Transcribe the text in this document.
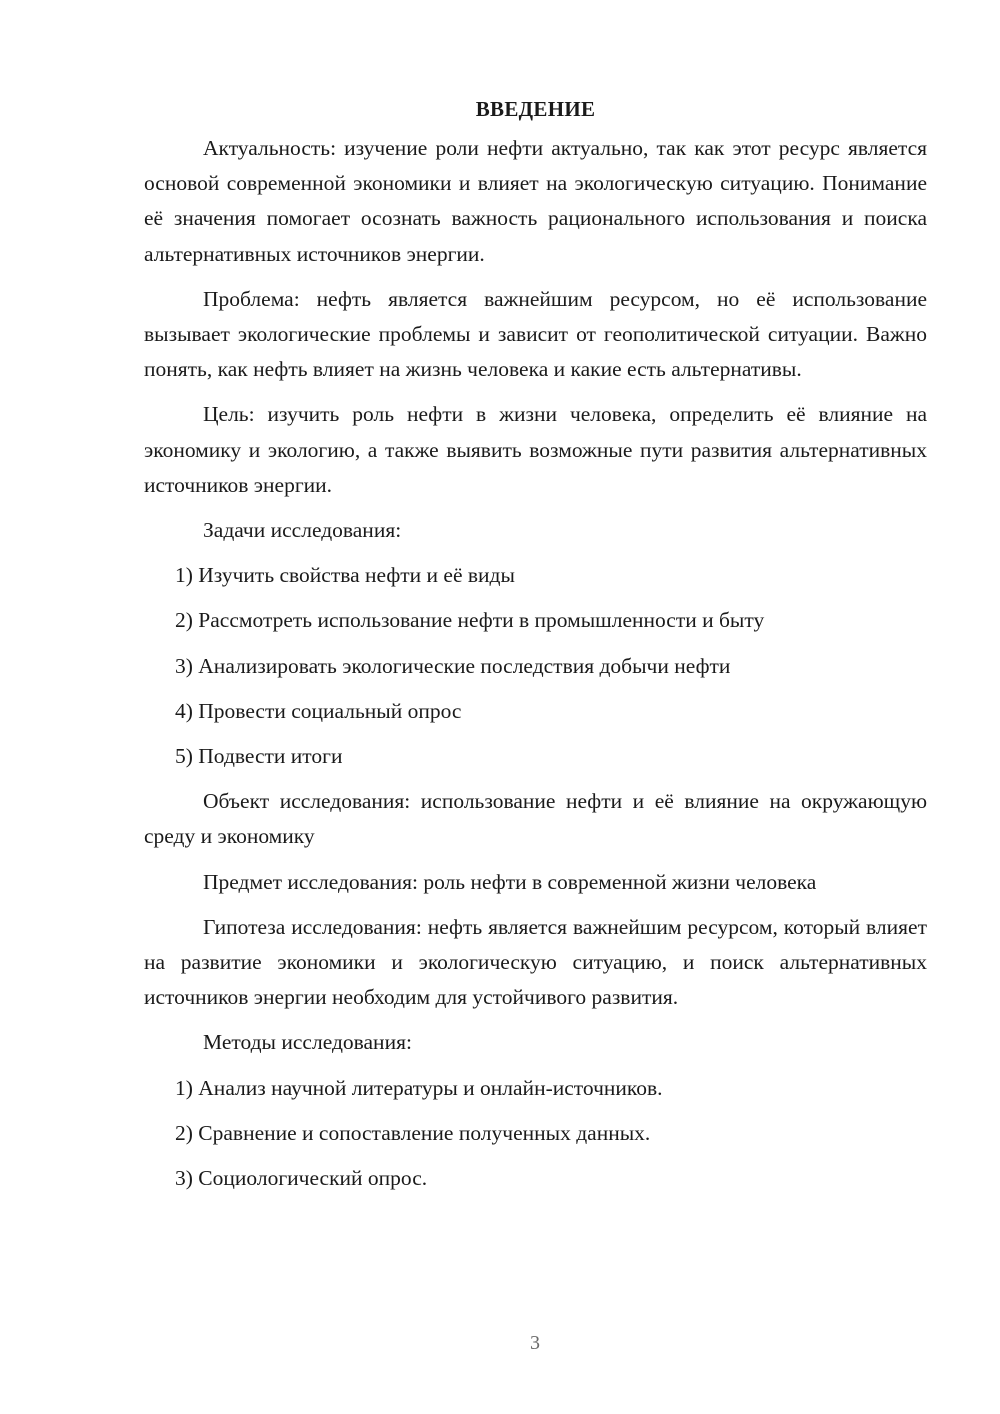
ВВЕДЕНИЕ

Актуальность: изучение роли нефти актуально, так как этот ресурс является основой современной экономики и влияет на экологическую ситуацию. Понимание её значения помогает осознать важность рационального использования и поиска альтернативных источников энергии.

Проблема: нефть является важнейшим ресурсом, но её использование вызывает экологические проблемы и зависит от геополитической ситуации. Важно понять, как нефть влияет на жизнь человека и какие есть альтернативы.

Цель: изучить роль нефти в жизни человека, определить её влияние на экономику и экологию, а также выявить возможные пути развития альтернативных источников энергии.

Задачи исследования:

1) Изучить свойства нефти и её виды
2) Рассмотреть использование нефти в промышленности и быту
3) Анализировать экологические последствия добычи нефти
4) Провести социальный опрос
5) Подвести итоги

Объект исследования: использование нефти и её влияние на окружающую среду и экономику

Предмет исследования: роль нефти в современной жизни человека

Гипотеза исследования: нефть является важнейшим ресурсом, который влияет на развитие экономики и экологическую ситуацию, и поиск альтернативных источников энергии необходим для устойчивого развития.

Методы исследования:

1) Анализ научной литературы и онлайн-источников.
2) Сравнение и сопоставление полученных данных.
3) Социологический опрос.
3
